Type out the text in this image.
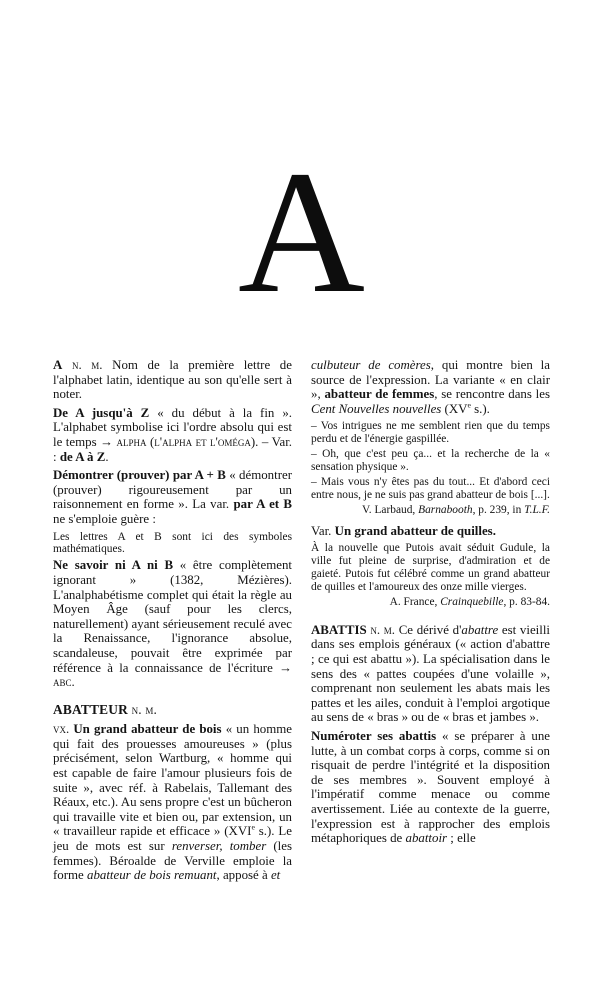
A

A n. m. Nom de la première lettre de l'alphabet latin, identique au son qu'elle sert à noter.

De A jusqu'à Z « du début à la fin ». L'alphabet symbolise ici l'ordre absolu qui est le temps → alpha (l'alpha et l'oméga). – Var. : de A à Z.

Démontrer (prouver) par A + B « démontrer (prouver) rigoureusement par un raisonnement en forme ». La var. par A et B ne s'emploie guère :

Les lettres A et B sont ici des symboles mathématiques.

Ne savoir ni A ni B « être complètement ignorant » (1382, Mézières). L'analphabétisme complet qui était la règle au Moyen Âge (sauf pour les clercs, naturellement) ayant sérieusement reculé avec la Renaissance, l'ignorance absolue, scandaleuse, pouvait être exprimée par référence à la connaissance de l'écriture → abc.

ABATTEUR n. m.

vx. Un grand abatteur de bois « un homme qui fait des prouesses amoureuses » (plus précisément, selon Wartburg, « homme qui est capable de faire l'amour plusieurs fois de suite », avec réf. à Rabelais, Tallemant des Réaux, etc.). Au sens propre c'est un bûcheron qui travaille vite et bien ou, par extension, un « travailleur rapide et efficace » (XVIe s.). Le jeu de mots est sur renverser, tomber (les femmes). Béroalde de Verville emploie la forme abatteur de bois remuant, apposé à et

culbuteur de comères, qui montre bien la source de l'expression. La variante « en clair », abatteur de femmes, se rencontre dans les Cent Nouvelles nouvelles (XVe s.).

– Vos intrigues ne me semblent rien que du temps perdu et de l'énergie gaspillée.

– Oh, que c'est peu ça... et la recherche de la « sensation physique ».

– Mais vous n'y êtes pas du tout... Et d'abord ceci entre nous, je ne suis pas grand abatteur de bois [...].

V. Larbaud, Barnabooth, p. 239, in T.L.F.

Var. Un grand abatteur de quilles.

À la nouvelle que Putois avait séduit Gudule, la ville fut pleine de surprise, d'admiration et de gaieté. Putois fut célébré comme un grand abatteur de quilles et l'amoureux des onze mille vierges.

A. France, Crainquebille, p. 83-84.

ABATTIS n. m. Ce dérivé d'abattre est vieilli dans ses emplois généraux (« action d'abattre ; ce qui est abattu »). La spécialisation dans le sens des « pattes coupées d'une volaille », comprenant non seulement les abats mais les pattes et les ailes, conduit à l'emploi argotique au sens de « bras » ou de « bras et jambes ».

Numéroter ses abattis « se préparer à une lutte, à un combat corps à corps, comme si on risquait de perdre l'intégrité et la disposition de ses membres ». Souvent employé à l'impératif comme menace ou comme avertissement. Liée au contexte de la guerre, l'expression est à rapprocher des emplois métaphoriques de abattoir ; elle
